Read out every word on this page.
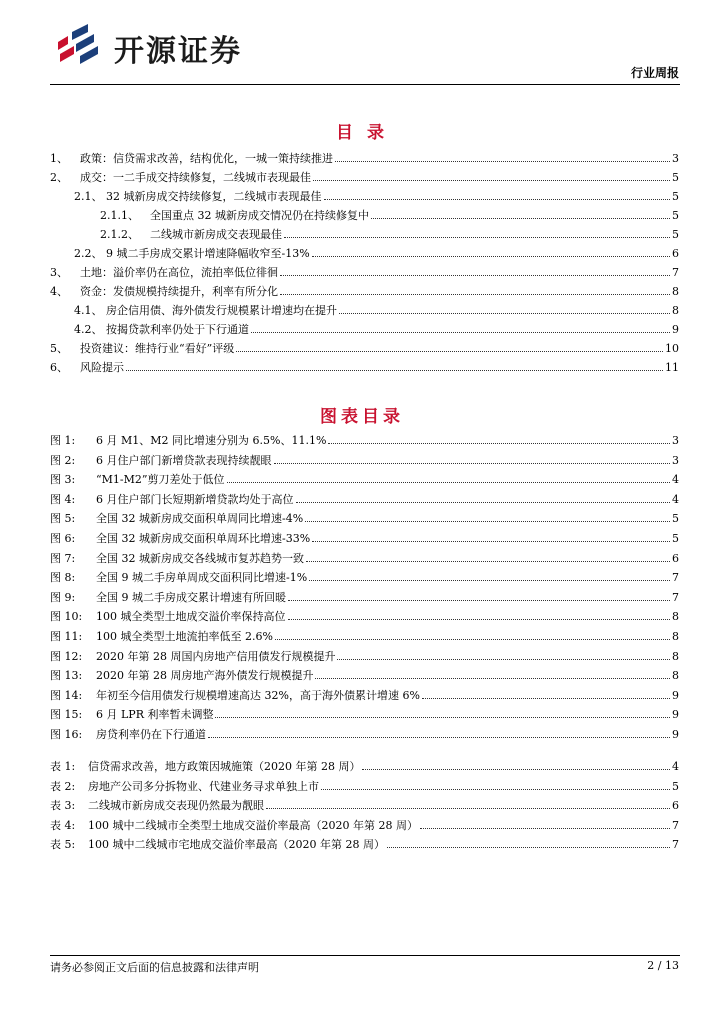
开源证券
行业周报
目 录
1、	政策：信贷需求改善，结构优化，一城一策持续推进	3
2、	成交：一二手成交持续修复，二线城市表现最佳	5
2.1、 32 城新房成交持续修复，二线城市表现最佳	5
2.1.1、	全国重点 32 城新房成交情况仍在持续修复中	5
2.1.2、	二线城市新房成交表现最佳	5
2.2、 9 城二手房成交累计增速降幅收窄至-13%	6
3、	土地：溢价率仍在高位，流拍率低位徘徊	7
4、	资金：发债规模持续提升，利率有所分化	8
4.1、 房企信用债、海外债发行规模累计增速均在提升	8
4.2、 按揭贷款利率仍处于下行通道	9
5、	投资建议：维持行业“看好”评级	10
6、	风险提示	11
图表目录
图 1:	6 月 M1、M2 同比增速分别为 6.5%、11.1%	3
图 2:	6 月住户部门新增贷款表现持续靓眼	3
图 3:	“M1-M2”剪刀差处于低位	4
图 4:	6 月住户部门长短期新增贷款均处于高位	4
图 5:	全国 32 城新房成交面积单周同比增速-4%	5
图 6:	全国 32 城新房成交面积单周环比增速-33%	5
图 7:	全国 32 城新房成交各线城市复苏趋势一致	6
图 8:	全国 9 城二手房单周成交面积同比增速-1%	7
图 9:	全国 9 城二手房成交累计增速有所回暖	7
图 10:	100 城全类型土地成交溢价率保持高位	8
图 11:	100 城全类型土地流拍率低至 2.6%	8
图 12:	2020 年第 28 周国内房地产信用债发行规模提升	8
图 13:	2020 年第 28 周房地产海外债发行规模提升	8
图 14:	年初至今信用债发行规模增速高达 32%，高于海外债累计增速 6%	9
图 15:	6 月 LPR 利率暂未调整	9
图 16:	房贷利率仍在下行通道	9
表 1:	信贷需求改善，地方政策因城施策（2020 年第 28 周）	4
表 2:	房地产公司多分拆物业、代建业务寻求单独上市	5
表 3:	二线城市新房成交表现仍然最为靓眼	6
表 4:	100 城中二线城市全类型土地成交溢价率最高（2020 年第 28 周）	7
表 5:	100 城中二线城市宅地成交溢价率最高（2020 年第 28 周）	7
请务必参阅正文后面的信息披露和法律声明	2 / 13
